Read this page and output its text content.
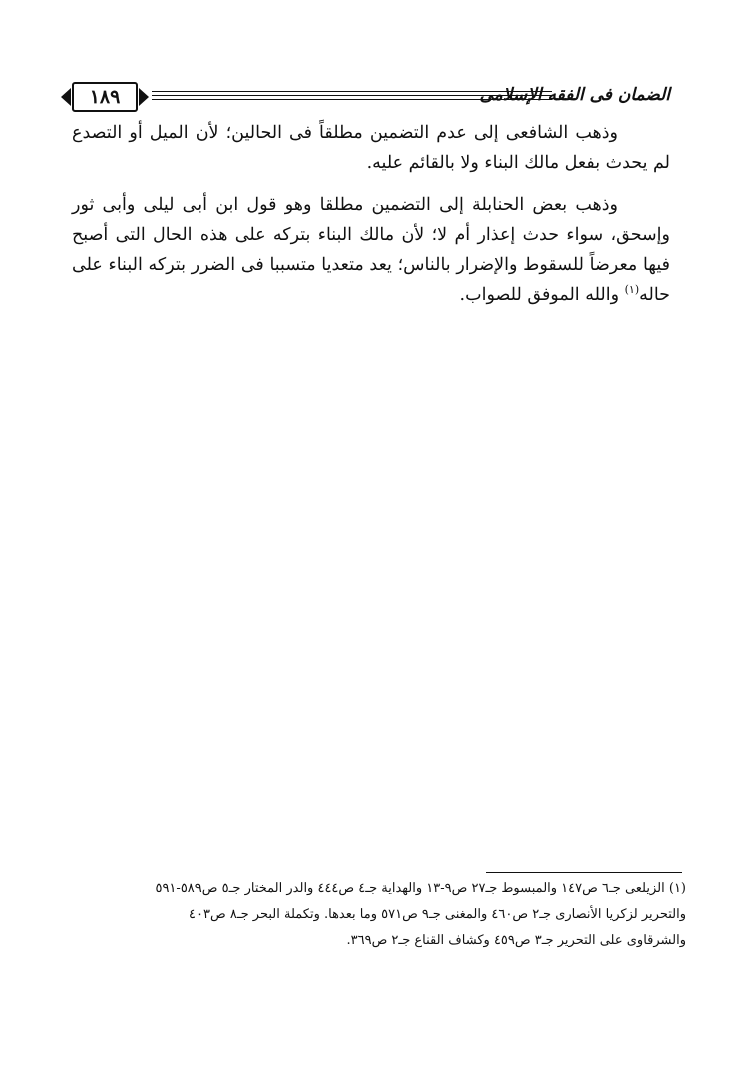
١٨٩	الضمان فى الفقه الإسلامى

وذهب الشافعى إلى عدم التضمين مطلقاً فى الحالين؛ لأن الميل أو التصدع لم يحدث بفعل مالك البناء ولا بالقائم عليه.

وذهب بعض الحنابلة إلى التضمين مطلقا وهو قول ابن أبى ليلى وأبى ثور وإسحق، سواء حدث إعذار أم لا؛ لأن مالك البناء بتركه على هذه الحال التى أصبح فيها معرضاً للسقوط والإضرار بالناس؛ يعد متعديا متسببا فى الضرر بتركه البناء على حاله$^{(١)}$ والله الموفق للصواب.

(١) الزيلعى جـ٦ ص١٤٧ والمبسوط جـ٢٧ ص٩-١٣ والهداية جـ٤ ص٤٤٤ والدر المختار جـ٥ ص٥٨٩-٥٩١

والتحرير لزكريا الأنصارى جـ٢ ص٤٦٠ والمغنى جـ٩ ص٥٧١ وما بعدها. وتكملة البحر جـ٨ ص٤٠٣

والشرقاوى على التحرير جـ٣ ص٤٥٩ وكشاف القناع جـ٢ ص٣٦٩.
